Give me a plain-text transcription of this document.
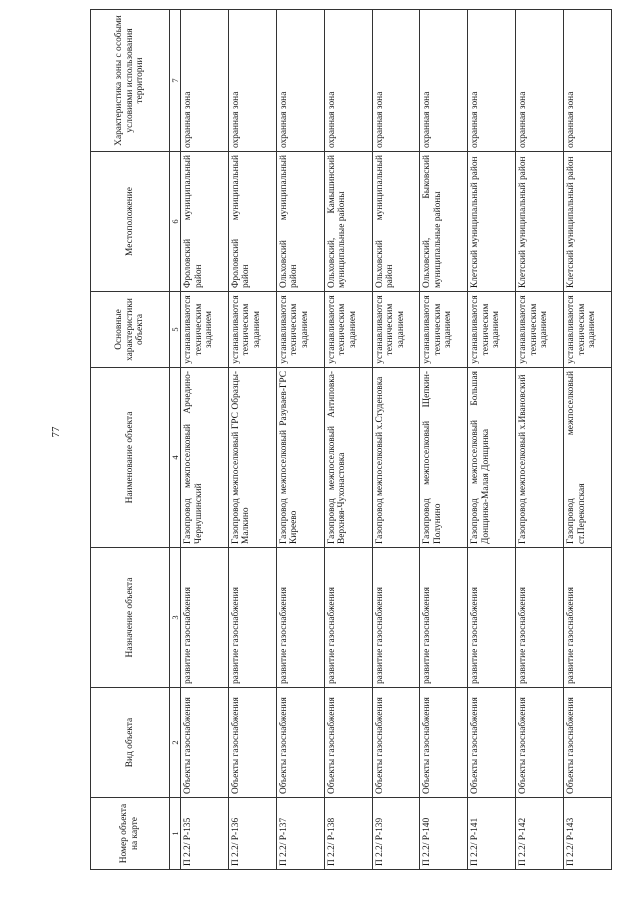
77
Номер объекта на карте	Вид объекта	Назначение объекта	Наименование объекта	Основные характеристики объекта	Местоположение	Характеристика зоны с особыми условиями использования территории
1	2	3	4	5	6	7
П 2.2/ Р-135	Объекты газоснабжения	развитие газоснабжения	Газопровод межпоселковый Арчедино-Чернушинский	устанавливаются техническим заданием	Фроловский муниципальный район	охранная зона
П 2.2/ Р-136	Объекты газоснабжения	развитие газоснабжения	Газопровод межпоселковый ГРС Образцы-Малкино	устанавливаются техническим заданием	Фроловский муниципальный район	охранная зона
П 2.2/ Р-137	Объекты газоснабжения	развитие газоснабжения	Газопровод межпоселковый Разуваев-ГРС Киреево	устанавливаются техническим заданием	Ольховский муниципальный район	охранная зона
П 2.2/ Р-138	Объекты газоснабжения	развитие газоснабжения	Газопровод межпоселковый Антиповка-Верхняя-Чухонастовка	устанавливаются техническим заданием	Ольховский, Камышинский муниципальные районы	охранная зона
П 2.2/ Р-139	Объекты газоснабжения	развитие газоснабжения	Газопровод межпоселковый х.Студеновка	устанавливаются техническим заданием	Ольховский муниципальный район	охранная зона
П 2.2/ Р-140	Объекты газоснабжения	развитие газоснабжения	Газопровод межпоселковый Щепкин-Полунино	устанавливаются техническим заданием	Ольховский, Быковский муниципальные районы	охранная зона
П 2.2/ Р-141	Объекты газоснабжения	развитие газоснабжения	Газопровод межпоселковый Большая Донщинка-Малая Донщинка	устанавливаются техническим заданием	Клетский муниципальный район	охранная зона
П 2.2/ Р-142	Объекты газоснабжения	развитие газоснабжения	Газопровод межпоселковый х.Ивановский	устанавливаются техническим заданием	Клетский муниципальный район	охранная зона
П 2.2/ Р-143	Объекты газоснабжения	развитие газоснабжения	Газопровод межпоселковый ст.Перекопская	устанавливаются техническим заданием	Клетский муниципальный район	охранная зона
